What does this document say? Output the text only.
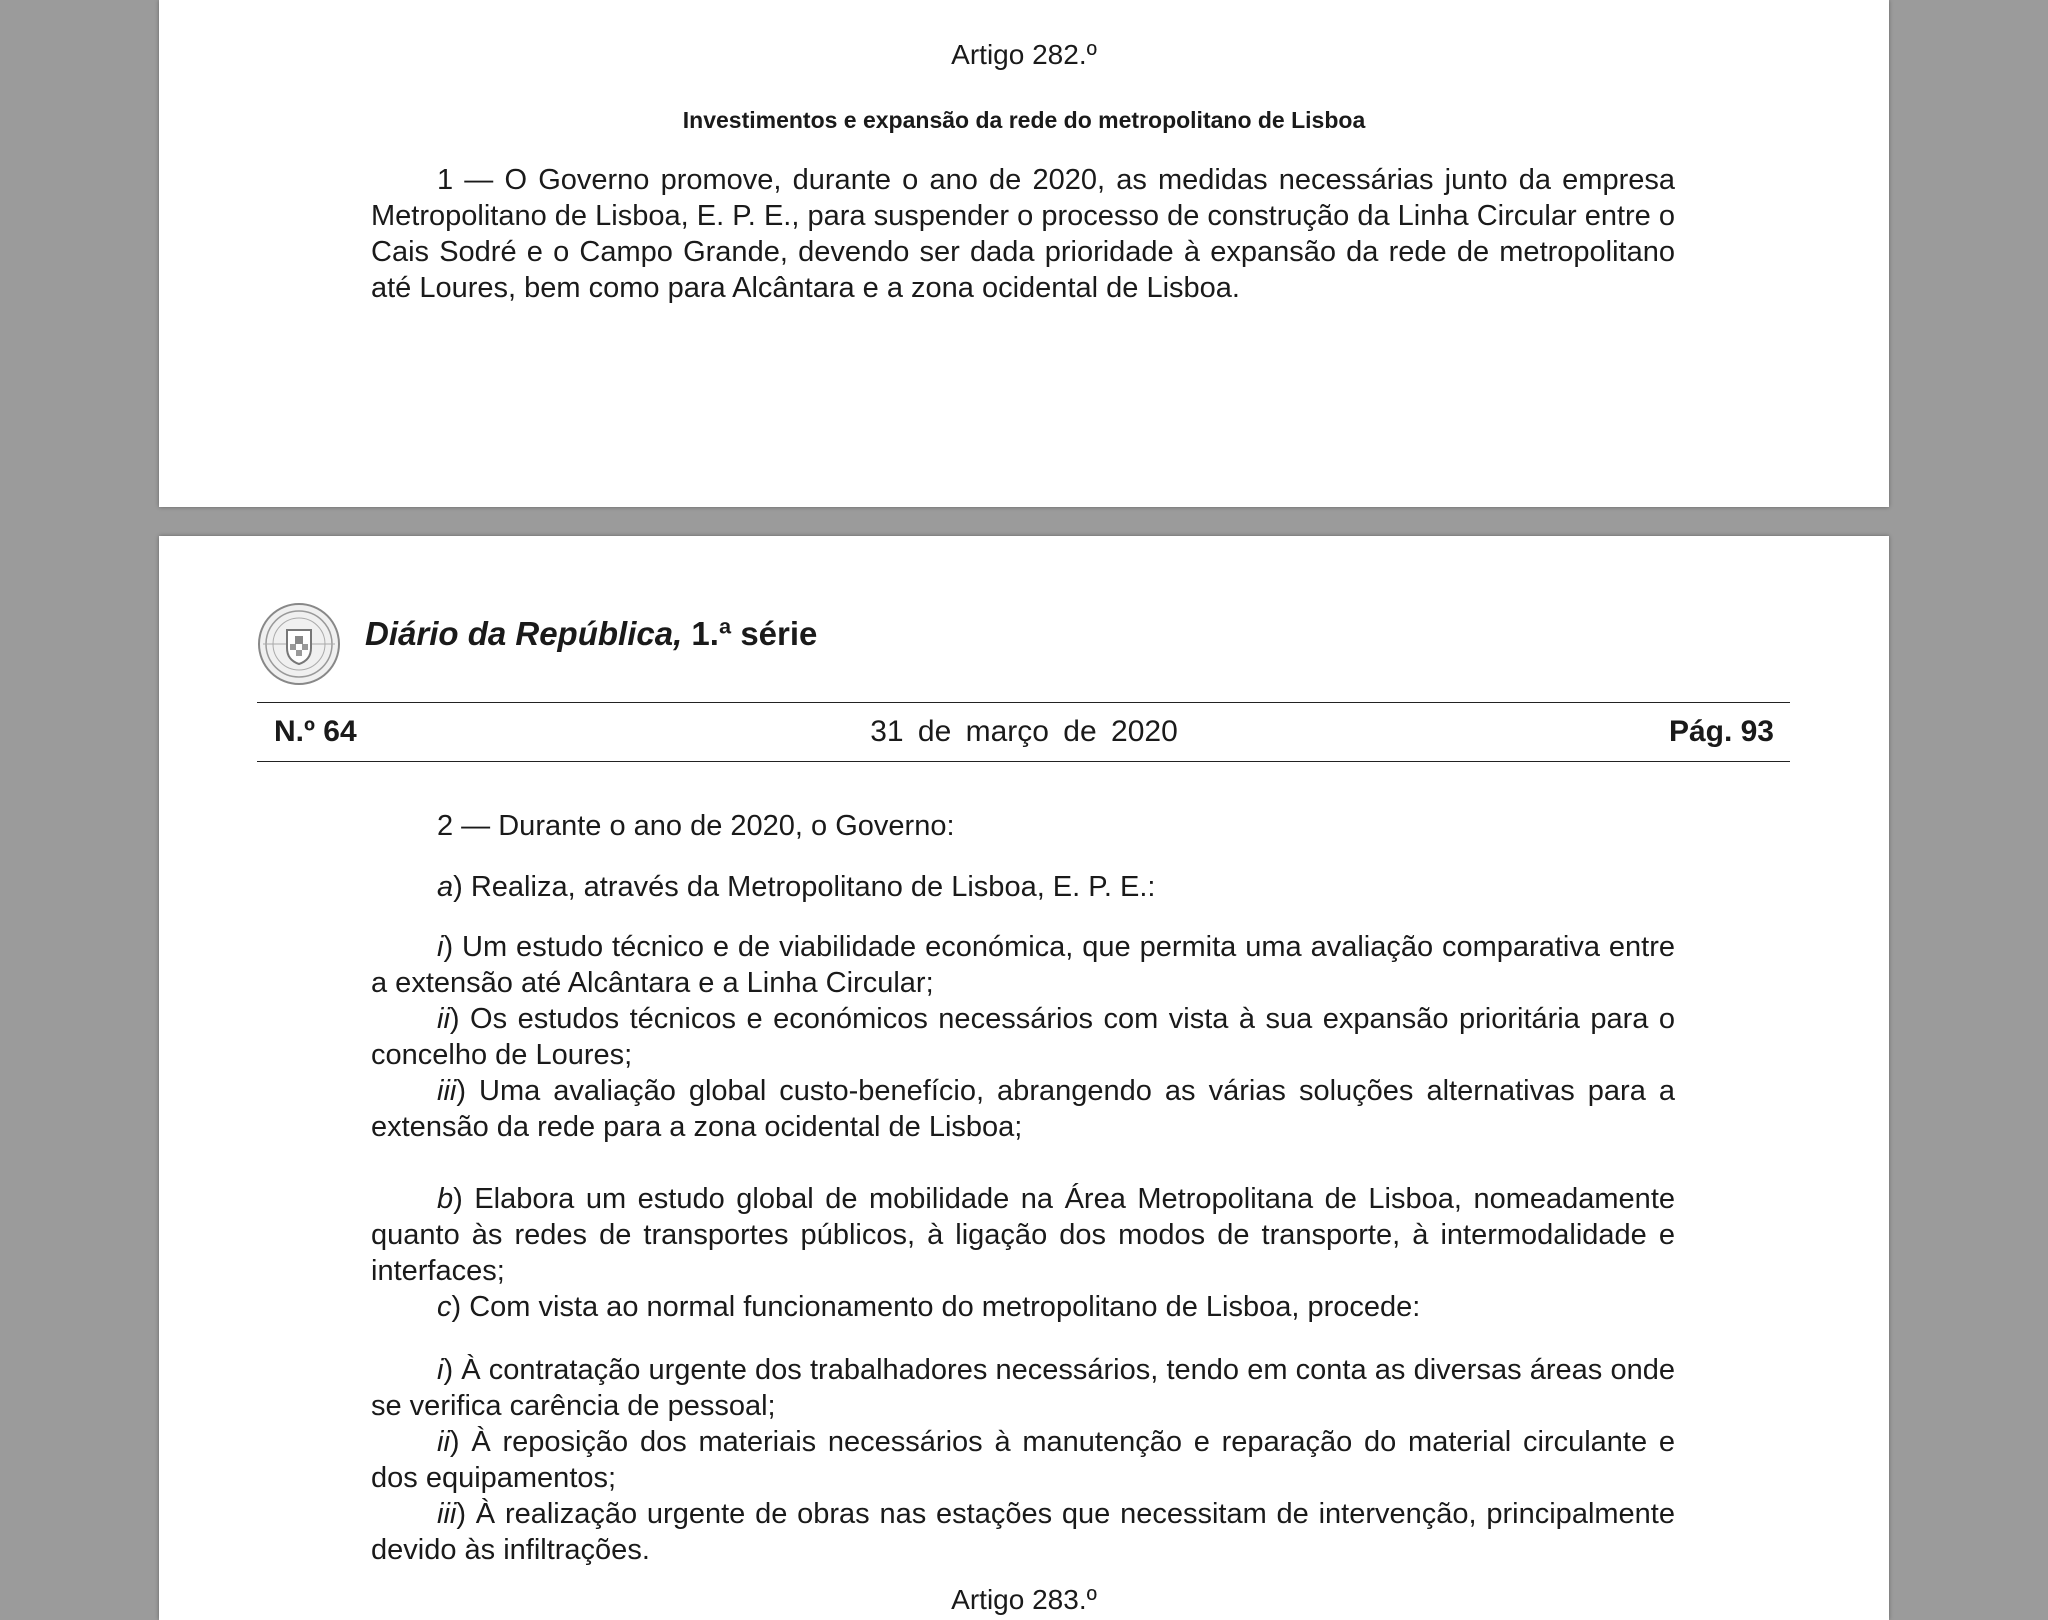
Artigo 282.º
Investimentos e expansão da rede do metropolitano de Lisboa
1 — O Governo promove, durante o ano de 2020, as medidas necessárias junto da empresa Metropolitano de Lisboa, E. P. E., para suspender o processo de construção da Linha Circular entre o Cais Sodré e o Campo Grande, devendo ser dada prioridade à expansão da rede de metropolitano até Loures, bem como para Alcântara e a zona ocidental de Lisboa.
Diário da República, 1.ª série
N.º 64	31 de março de 2020	Pág. 93
2 — Durante o ano de 2020, o Governo:
a) Realiza, através da Metropolitano de Lisboa, E. P. E.:
i) Um estudo técnico e de viabilidade económica, que permita uma avaliação comparativa entre a extensão até Alcântara e a Linha Circular;
ii) Os estudos técnicos e económicos necessários com vista à sua expansão prioritária para o concelho de Loures;
iii) Uma avaliação global custo-benefício, abrangendo as várias soluções alternativas para a extensão da rede para a zona ocidental de Lisboa;
b) Elabora um estudo global de mobilidade na Área Metropolitana de Lisboa, nomeadamente quanto às redes de transportes públicos, à ligação dos modos de transporte, à intermodalidade e interfaces;
c) Com vista ao normal funcionamento do metropolitano de Lisboa, procede:
i) À contratação urgente dos trabalhadores necessários, tendo em conta as diversas áreas onde se verifica carência de pessoal;
ii) À reposição dos materiais necessários à manutenção e reparação do material circulante e dos equipamentos;
iii) À realização urgente de obras nas estações que necessitam de intervenção, principalmente devido às infiltrações.
Artigo 283.º
